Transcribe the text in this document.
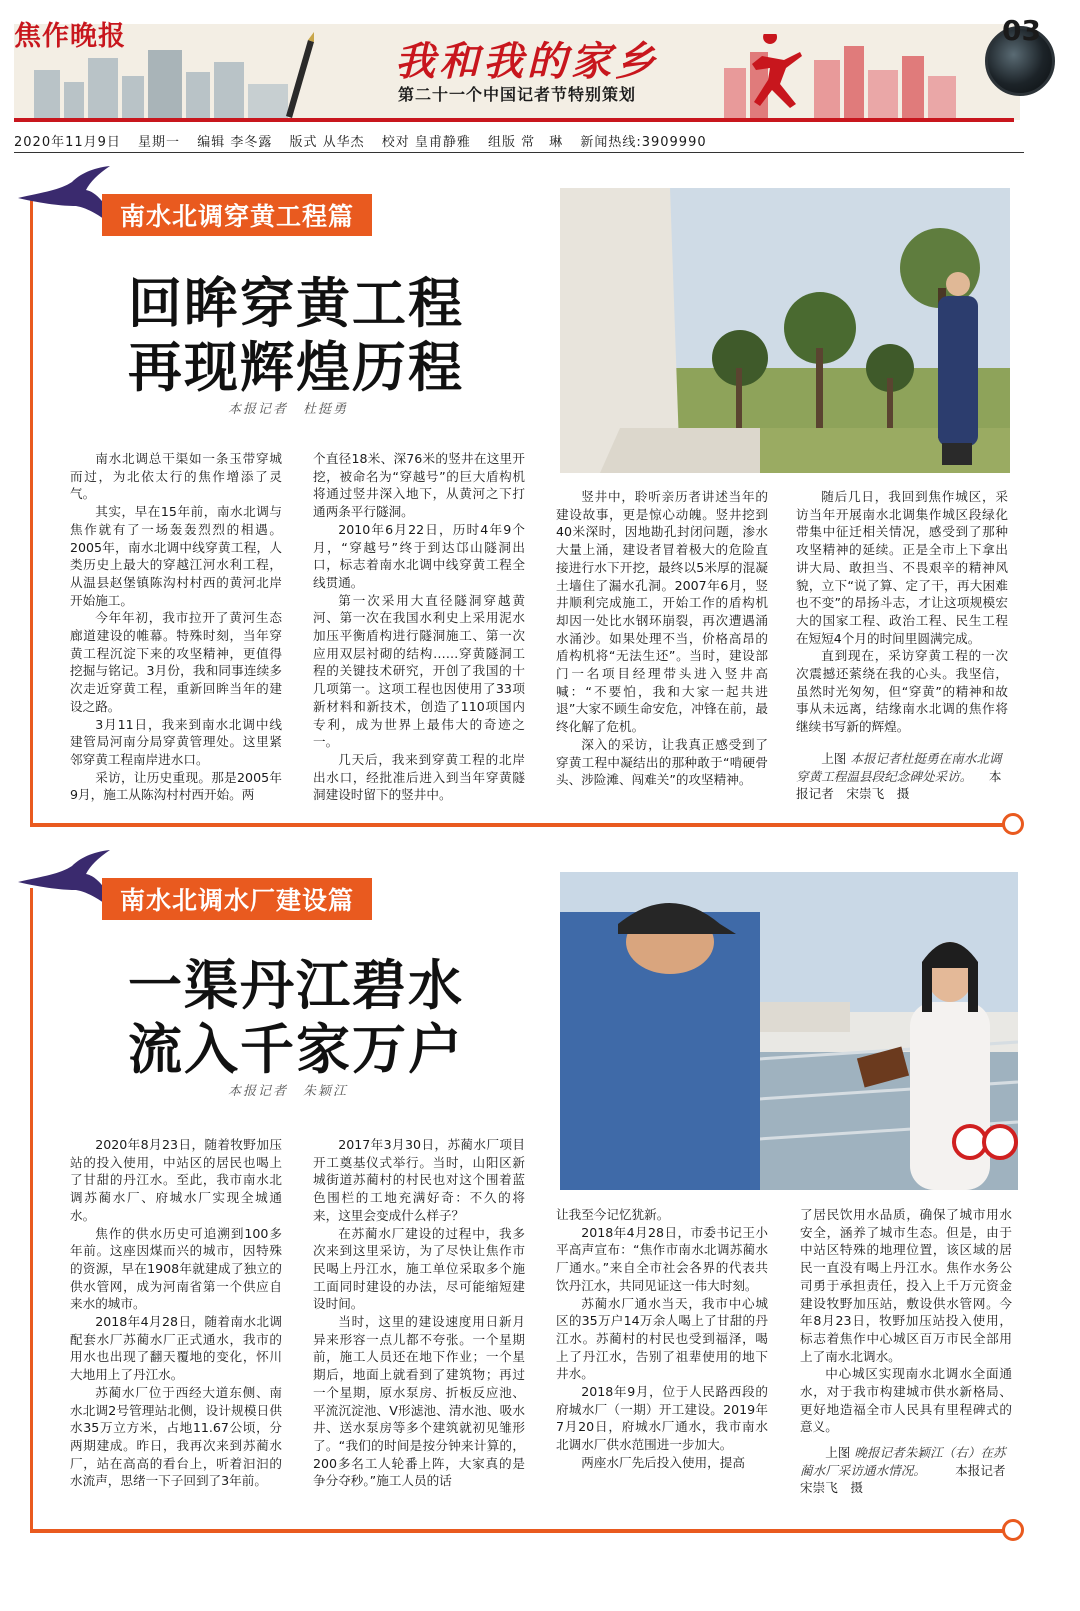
焦作晚报
我和我的家乡
第二十一个中国记者节特别策划
03
2020年11月9日 星期一 编辑 李冬露 版式 从华杰 校对 皇甫静雅 组版 常　琳 新闻热线:3909990
南水北调穿黄工程篇
回眸穿黄工程
再现辉煌历程
本报记者　杜挺勇

南水北调总干渠如一条玉带穿城而过，为北依太行的焦作增添了灵气。

其实，早在15年前，南水北调与焦作就有了一场轰轰烈烈的相遇。2005年，南水北调中线穿黄工程，人类历史上最大的穿越江河水利工程，从温县赵堡镇陈沟村村西的黄河北岸开始施工。

今年年初，我市拉开了黄河生态廊道建设的帷幕。特殊时刻，当年穿黄工程沉淀下来的攻坚精神，更值得挖掘与铭记。3月份，我和同事连续多次走近穿黄工程，重新回眸当年的建设之路。

3月11日，我来到南水北调中线建管局河南分局穿黄管理处。这里紧邻穿黄工程南岸进水口。

采访，让历史重现。那是2005年9月，施工从陈沟村村西开始。两

个直径18米、深76米的竖井在这里开挖，被命名为“穿越号”的巨大盾构机将通过竖井深入地下，从黄河之下打通两条平行隧洞。

2010年6月22日，历时4年9个月，“穿越号”终于到达邙山隧洞出口，标志着南水北调中线穿黄工程全线贯通。

第一次采用大直径隧洞穿越黄河、第一次在我国水利史上采用泥水加压平衡盾构进行隧洞施工、第一次应用双层衬砌的结构……穿黄隧洞工程的关键技术研究，开创了我国的十几项第一。这项工程也因使用了33项新材料和新技术，创造了110项国内专利，成为世界上最伟大的奇迹之一。

几天后，我来到穿黄工程的北岸出水口，经批准后进入到当年穿黄隧洞建设时留下的竖井中。

竖井中，聆听亲历者讲述当年的建设故事，更是惊心动魄。竖井挖到40米深时，因地勘孔封闭问题，渗水大量上涌，建设者冒着极大的危险直接进行水下开挖，最终以5米厚的混凝土墙住了漏水孔洞。2007年6月，竖井顺利完成施工，开始工作的盾构机却因一处比水钢环崩裂，再次遭遇涌水涌沙。如果处理不当，价格高昂的盾构机将“无法生还”。当时，建设部门一名项目经理带头进入竖井高喊：“不要怕，我和大家一起共进退”大家不顾生命安危，冲锋在前，最终化解了危机。

深入的采访，让我真正感受到了穿黄工程中凝结出的那种敢于“啃硬骨头、涉险滩、闯难关”的攻坚精神。

随后几日，我回到焦作城区，采访当年开展南水北调集作城区段绿化带集中征迁相关情况，感受到了那种攻坚精神的延续。正是全市上下拿出讲大局、敢担当、不畏艰辛的精神风貌，立下“说了算、定了干，再大困难也不变”的昂扬斗志，才让这项规模宏大的国家工程、政治工程、民生工程在短短4个月的时间里圆满完成。

直到现在，采访穿黄工程的一次次震撼还萦绕在我的心头。我坚信，虽然时光匆匆，但“穿黄”的精神和故事从未远离，结缘南水北调的焦作将继续书写新的辉煌。

上图 本报记者杜挺勇在南水北调穿黄工程温县段纪念碑处采访。 本报记者　宋崇飞　摄
南水北调水厂建设篇
一渠丹江碧水
流入千家万户
本报记者　朱颖江

2020年8月23日，随着牧野加压站的投入使用，中站区的居民也喝上了甘甜的丹江水。至此，我市南水北调苏蔺水厂、府城水厂实现全城通水。

焦作的供水历史可追溯到100多年前。这座因煤而兴的城市，因特殊的资源，早在1908年就建成了独立的供水管网，成为河南省第一个供应自来水的城市。

2018年4月28日，随着南水北调配套水厂苏蔺水厂正式通水，我市的用水也出现了翻天覆地的变化，怀川大地用上了丹江水。

苏蔺水厂位于西经大道东侧、南水北调2号管理站北侧，设计规模日供水35万立方米，占地11.67公顷，分两期建成。昨日，我再次来到苏蔺水厂，站在高高的看台上，听着汩汩的水流声，思绪一下子回到了3年前。

2017年3月30日，苏蔺水厂项目开工奠基仪式举行。当时，山阳区新城街道苏蔺村的村民也对这个围着蓝色围栏的工地充满好奇：不久的将来，这里会变成什么样子？

在苏蔺水厂建设的过程中，我多次来到这里采访，为了尽快让焦作市民喝上丹江水，施工单位采取多个施工面同时建设的办法，尽可能缩短建设时间。

当时，这里的建设速度用日新月异来形容一点儿都不夸张。一个星期前，施工人员还在地下作业；一个星期后，地面上就看到了建筑物；再过一个星期，原水泵房、折板反应池、平流沉淀池、V形滤池、清水池、吸水井、送水泵房等多个建筑就初见雏形了。“我们的时间是按分钟来计算的，200多名工人轮番上阵，大家真的是争分夺秒。”施工人员的话

让我至今记忆犹新。

2018年4月28日，市委书记王小平高声宣布：“焦作市南水北调苏蔺水厂通水。”来自全市社会各界的代表共饮丹江水，共同见证这一伟大时刻。

苏蔺水厂通水当天，我市中心城区的35万户14万余人喝上了甘甜的丹江水。苏蔺村的村民也受到福泽，喝上了丹江水，告别了祖辈使用的地下井水。

2018年9月，位于人民路西段的府城水厂（一期）开工建设。2019年7月20日，府城水厂通水，我市南水北调水厂供水范围进一步加大。

两座水厂先后投入使用，提高

了居民饮用水品质，确保了城市用水安全，涵养了城市生态。但是，由于中站区特殊的地理位置，该区域的居民一直没有喝上丹江水。焦作水务公司勇于承担责任，投入上千万元资金建设牧野加压站，敷设供水管网。今年8月23日，牧野加压站投入使用，标志着焦作中心城区百万市民全部用上了南水北调水。

中心城区实现南水北调水全面通水，对于我市构建城市供水新格局、更好地造福全市人民具有里程碑式的意义。

上图 晚报记者朱颖江（右）在苏蔺水厂采访通水情况。 本报记者　宋崇飞　摄
